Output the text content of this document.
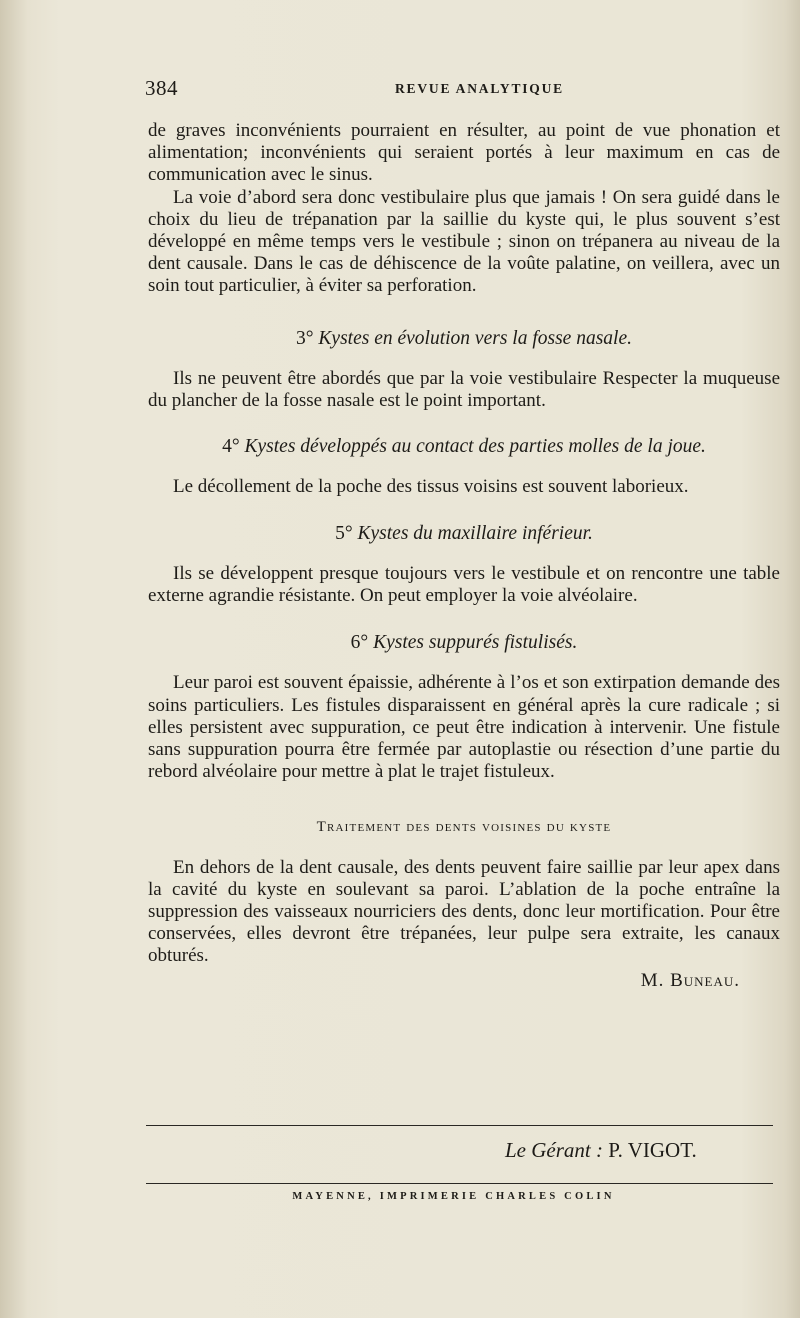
384	REVUE ANALYTIQUE

de graves inconvénients pourraient en résulter, au point de vue phonation et alimentation; inconvénients qui seraient portés à leur maximum en cas de communication avec le sinus.

La voie d’abord sera donc vestibulaire plus que jamais ! On sera guidé dans le choix du lieu de trépanation par la saillie du kyste qui, le plus souvent s’est développé en même temps vers le vestibule ; sinon on trépanera au niveau de la dent causale. Dans le cas de déhiscence de la voûte palatine, on veillera, avec un soin tout particulier, à éviter sa perforation.

3° Kystes en évolution vers la fosse nasale.

Ils ne peuvent être abordés que par la voie vestibulaire Respecter la muqueuse du plancher de la fosse nasale est le point important.

4° Kystes développés au contact des parties molles de la joue.

Le décollement de la poche des tissus voisins est souvent laborieux.

5° Kystes du maxillaire inférieur.

Ils se développent presque toujours vers le vestibule et on rencontre une table externe agrandie résistante. On peut employer la voie alvéolaire.

6° Kystes suppurés fistulisés.

Leur paroi est souvent épaissie, adhérente à l’os et son extirpation demande des soins particuliers. Les fistules disparaissent en général après la cure radicale ; si elles persistent avec suppuration, ce peut être indication à intervenir. Une fistule sans suppuration pourra être fermée par autoplastie ou résection d’une partie du rebord alvéolaire pour mettre à plat le trajet fistuleux.

Traitement des dents voisines du kyste

En dehors de la dent causale, des dents peuvent faire saillie par leur apex dans la cavité du kyste en soulevant sa paroi. L’ablation de la poche entraîne la suppression des vaisseaux nourriciers des dents, donc leur mortification. Pour être conservées, elles devront être trépanées, leur pulpe sera extraite, les canaux obturés.

M. Buneau.

Le Gérant : P. VIGOT.
MAYENNE, IMPRIMERIE CHARLES COLIN
